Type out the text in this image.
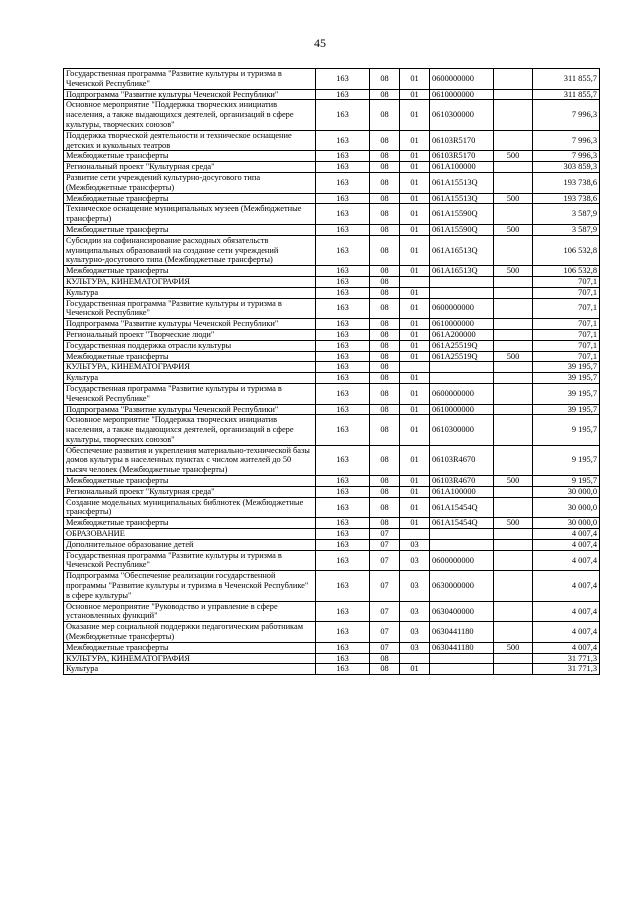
45
Государственная программа "Развитие культуры и туризма в Чеченской Республике"	163	08	01	0600000000		311 855,7
Подпрограмма "Развитие культуры Чеченской Республики"	163	08	01	0610000000		311 855,7
Основное мероприятие "Поддержка творческих инициатив населения, а также выдающихся деятелей, организаций в сфере культуры, творческих союзов"	163	08	01	0610300000		7 996,3
Поддержка творческой деятельности и техническое оснащение детских и кукольных театров	163	08	01	06103R5170		7 996,3
Межбюджетные трансферты	163	08	01	06103R5170	500	7 996,3
Региональный проект "Культурная среда"	163	08	01	061A100000		303 859,3
Развитие сети учреждений культурно-досугового типа (Межбюджетные трансферты)	163	08	01	061A15513Q		193 738,6
Межбюджетные трансферты	163	08	01	061A15513Q	500	193 738,6
Техническое оснащение муниципальных музеев (Межбюджетные трансферты)	163	08	01	061A15590Q		3 587,9
Межбюджетные трансферты	163	08	01	061A15590Q	500	3 587,9
Субсидии на софинансирование расходных обязательств муниципальных образований на создание сети учреждений культурно-досугового типа (Межбюджетные трансферты)	163	08	01	061A16513Q		106 532,8
Межбюджетные трансферты	163	08	01	061A16513Q	500	106 532,8
КУЛЬТУРА, КИНЕМАТОГРАФИЯ	163	08				707,1
Культура	163	08	01			707,1
Государственная программа "Развитие культуры и туризма в Чеченской Республике"	163	08	01	0600000000		707,1
Подпрограмма "Развитие культуры Чеченской Республики"	163	08	01	0610000000		707,1
Региональный проект "Творческие люди"	163	08	01	061A200000		707,1
Государственная поддержка отрасли культуры	163	08	01	061A25519Q		707,1
Межбюджетные трансферты	163	08	01	061A25519Q	500	707,1
КУЛЬТУРА, КИНЕМАТОГРАФИЯ	163	08				39 195,7
Культура	163	08	01			39 195,7
Государственная программа "Развитие культуры и туризма в Чеченской Республике"	163	08	01	0600000000		39 195,7
Подпрограмма "Развитие культуры Чеченской Республики"	163	08	01	0610000000		39 195,7
Основное мероприятие "Поддержка творческих инициатив населения, а также выдающихся деятелей, организаций в сфере культуры, творческих союзов"	163	08	01	0610300000		9 195,7
Обеспечение развития и укрепления материально-технической базы домов культуры в населенных пунктах с числом жителей до 50 тысяч человек (Межбюджетные трансферты)	163	08	01	06103R4670		9 195,7
Межбюджетные трансферты	163	08	01	06103R4670	500	9 195,7
Региональный проект "Культурная среда"	163	08	01	061A100000		30 000,0
Создание модельных муниципальных библиотек (Межбюджетные трансферты)	163	08	01	061A15454Q		30 000,0
Межбюджетные трансферты	163	08	01	061A15454Q	500	30 000,0
ОБРАЗОВАНИЕ	163	07				4 007,4
Дополнительное образование детей	163	07	03			4 007,4
Государственная программа "Развитие культуры и туризма в Чеченской Республике"	163	07	03	0600000000		4 007,4
Подпрограмма "Обеспечение реализации государственной программы "Развитие культуры и туризма в Чеченской Республике" в сфере культуры"	163	07	03	0630000000		4 007,4
Основное мероприятие "Руководство и управление в сфере установленных функций"	163	07	03	0630400000		4 007,4
Оказание мер социальной поддержки педагогическим работникам (Межбюджетные трансферты)	163	07	03	0630441180		4 007,4
Межбюджетные трансферты	163	07	03	0630441180	500	4 007,4
КУЛЬТУРА, КИНЕМАТОГРАФИЯ	163	08				31 771,3
Культура	163	08	01			31 771,3
